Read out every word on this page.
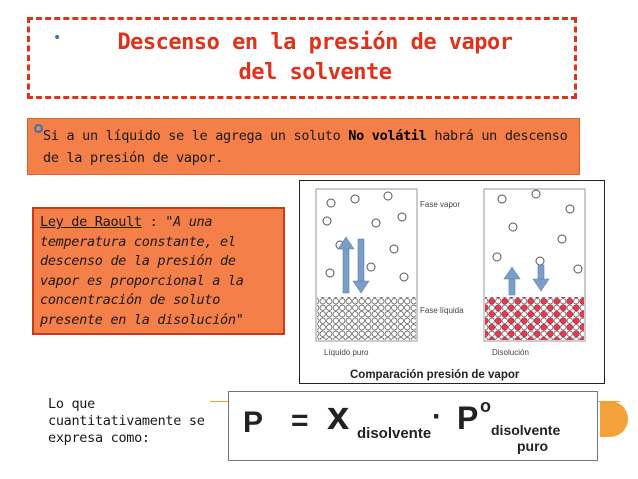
•	Descenso en la presión de vapor
del solvente
Si a un líquido se le agrega un soluto No volátil habrá un descenso de la presión de vapor.
Ley de Raoult : "A una temperatura constante, el descenso de la presión de vapor es proporcional a la concentración de soluto presente en la disolución"
Fase vapor
Fase líquida
Líquido puro	Disolución
Comparación presión de vapor
Lo que cuantitativamente se expresa como:	P = x disolvente
· P o
disolvente
puro
